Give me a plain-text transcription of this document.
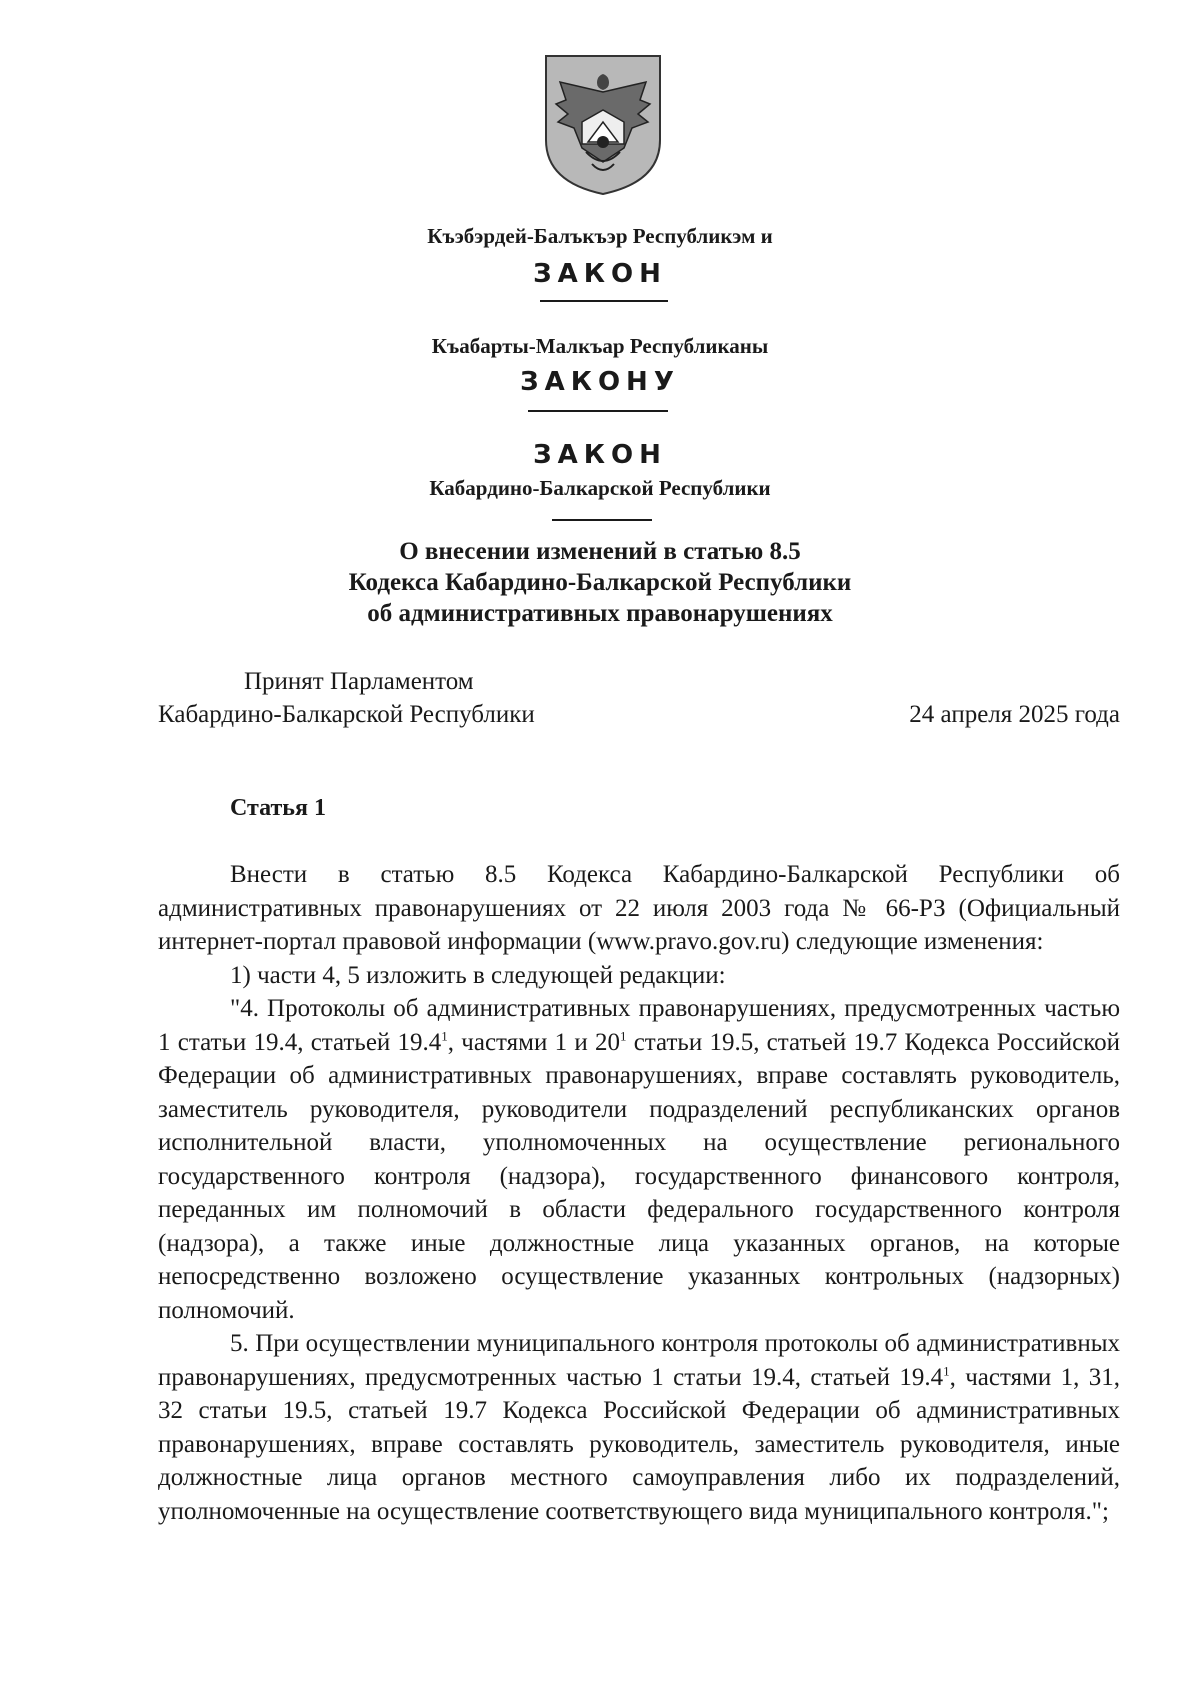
Къэбэрдей-Балъкъэр Республикэм и
ЗАКОН
Къабарты-Малкъар Республиканы
ЗАКОНУ
ЗАКОН
Кабардино-Балкарской Республики
О внесении изменений в статью 8.5
Кодекса Кабардино-Балкарской Республики
об административных правонарушениях
Принят Парламентом
Кабардино-Балкарской Республики	24 апреля 2025 года
Статья 1

Внести в статью 8.5 Кодекса Кабардино-Балкарской Республики об административных правонарушениях от 22 июля 2003 года № 66-РЗ (Официальный интернет-портал правовой информации (www.pravo.gov.ru) следующие изменения:

1) части 4, 5 изложить в следующей редакции:

"4. Протоколы об административных правонарушениях, предусмотренных частью 1 статьи 19.4, статьей 19.4$^1$, частями 1 и $20^1$ статьи 19.5, статьей 19.7 Кодекса Российской Федерации об административных правонарушениях, вправе составлять руководитель, заместитель руководителя, руководители подразделений республиканских органов исполнительной власти, уполномоченных на осуществление регионального государственного контроля (надзора), государственного финансового контроля, переданных им полномочий в области федерального государственного контроля (надзора), а также иные должностные лица указанных органов, на которые непосредственно возложено осуществление указанных контрольных (надзорных) полномочий.

5. При осуществлении муниципального контроля протоколы об административных правонарушениях, предусмотренных частью 1 статьи 19.4, статьей 19.4$^1$, частями 1, 31, 32 статьи 19.5, статьей 19.7 Кодекса Российской Федерации об административных правонарушениях, вправе составлять руководитель, заместитель руководителя, иные должностные лица органов местного самоуправления либо их подразделений, уполномоченные на осуществление соответствующего вида муниципального контроля.";
